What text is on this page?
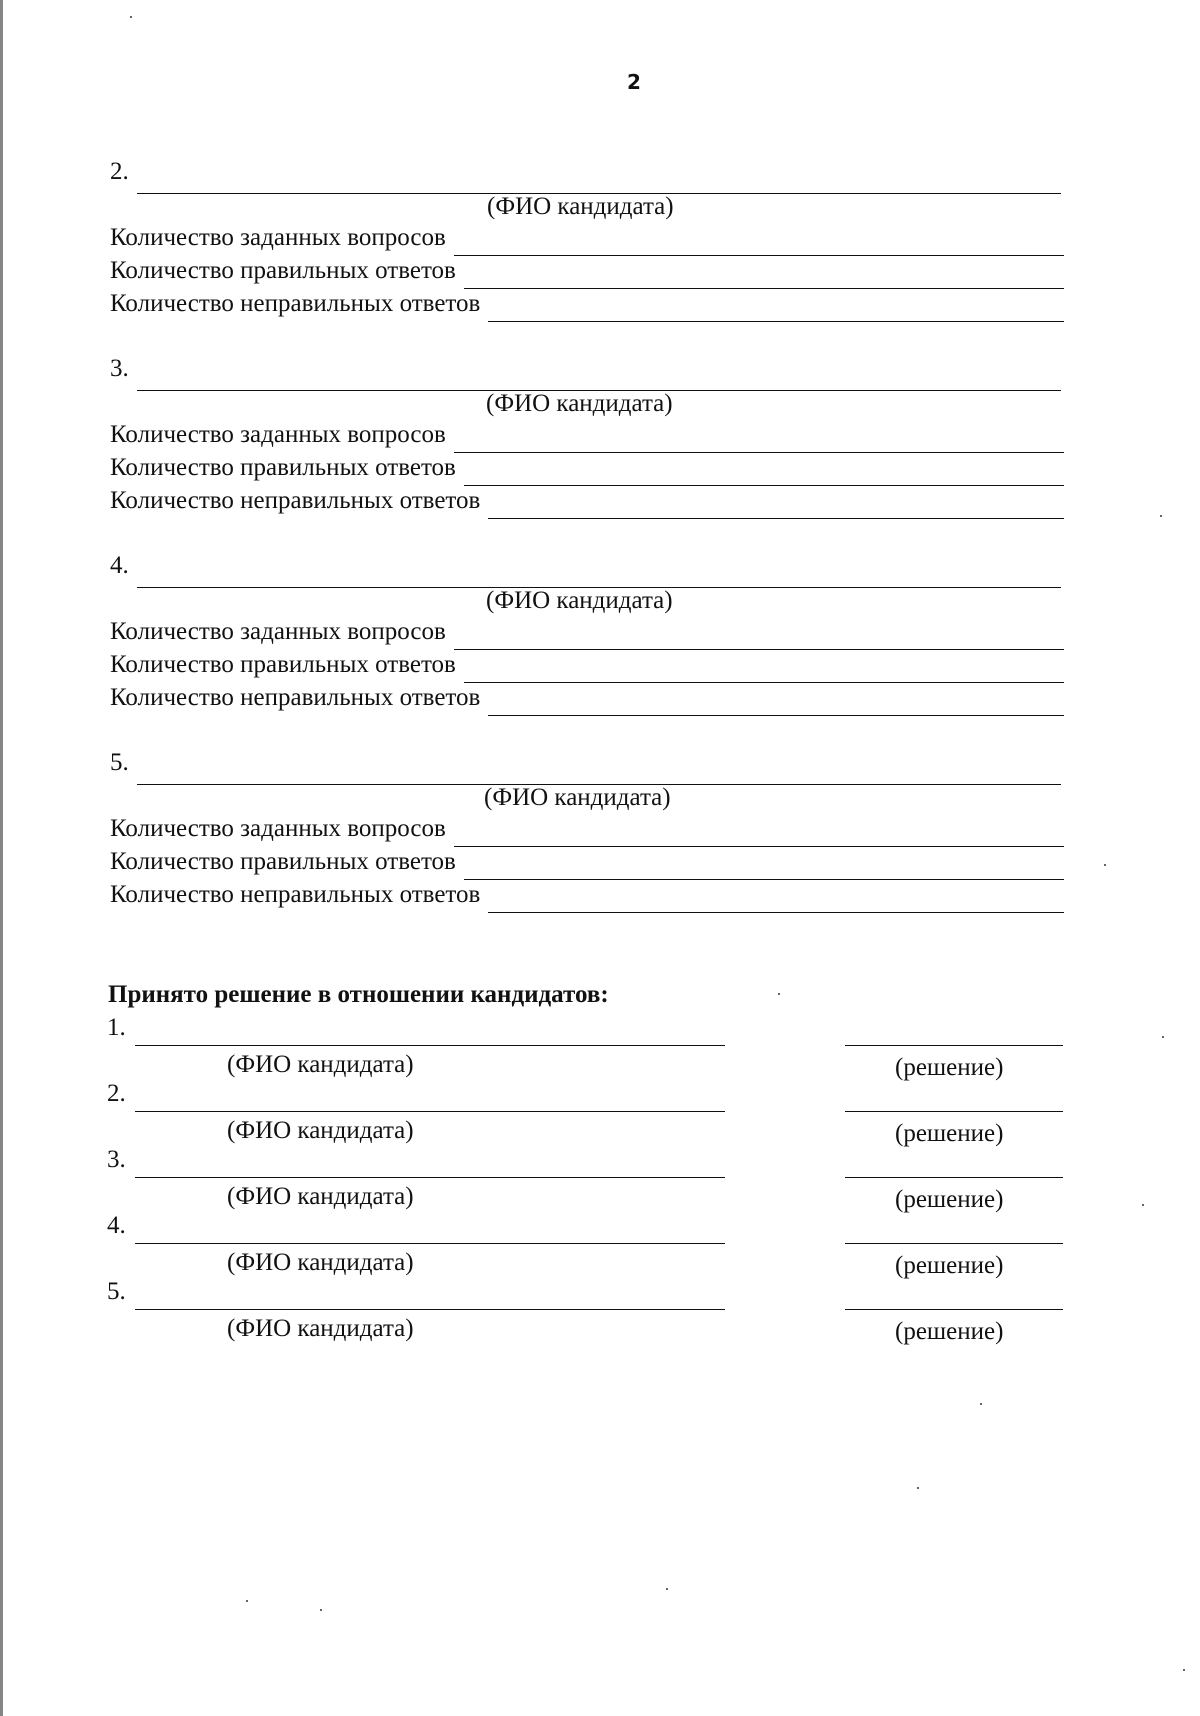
2
2.
(ФИО кандидата)
Количество заданных вопросов
Количество правильных ответов
Количество неправильных ответов
3.
(ФИО кандидата)
Количество заданных вопросов
Количество правильных ответов
Количество неправильных ответов
4.
(ФИО кандидата)
Количество заданных вопросов
Количество правильных ответов
Количество неправильных ответов
5.
(ФИО кандидата)
Количество заданных вопросов
Количество правильных ответов
Количество неправильных ответов
Принято решение в отношении кандидатов:
1.
(ФИО кандидата)	(решение)
2.
(ФИО кандидата)	(решение)
3.
(ФИО кандидата)	(решение)
4.
(ФИО кандидата)	(решение)
5.
(ФИО кандидата)	(решение)
